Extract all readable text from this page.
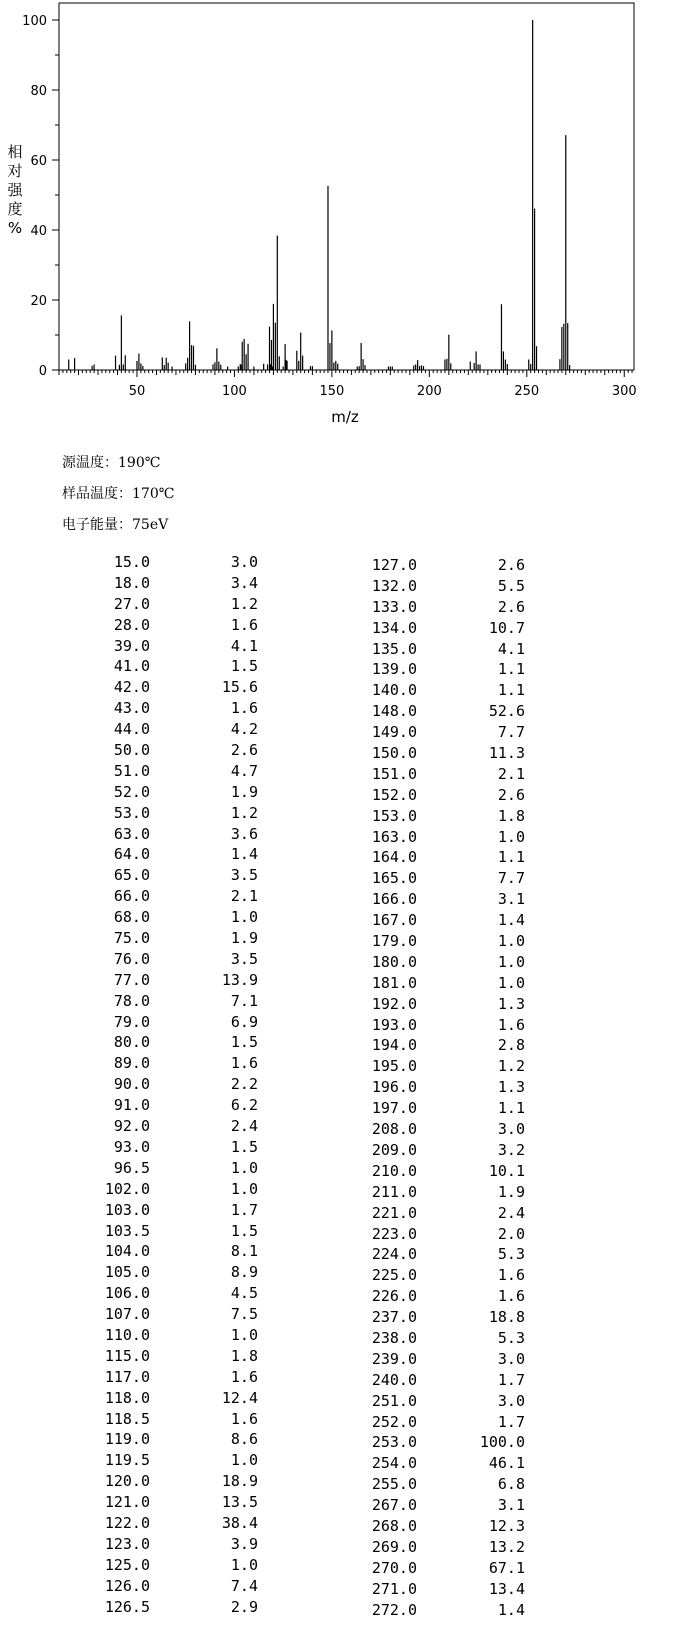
0
20
40
60
80
100
50	100	150	200	250	300
m/z
相
对
强
度
%
源温度：190℃
样品温度：170℃
电子能量：75eV
15.0	3.0
18.0	3.4
27.0	1.2
28.0	1.6
39.0	4.1
41.0	1.5
42.0	15.6
43.0	1.6
44.0	4.2
50.0	2.6
51.0	4.7
52.0	1.9
53.0	1.2
63.0	3.6
64.0	1.4
65.0	3.5
66.0	2.1
68.0	1.0
75.0	1.9
76.0	3.5
77.0	13.9
78.0	7.1
79.0	6.9
80.0	1.5
89.0	1.6
90.0	2.2
91.0	6.2
92.0	2.4
93.0	1.5
96.5	1.0
102.0	1.0
103.0	1.7
103.5	1.5
104.0	8.1
105.0	8.9
106.0	4.5
107.0	7.5
110.0	1.0
115.0	1.8
117.0	1.6
118.0	12.4
118.5	1.6
119.0	8.6
119.5	1.0
120.0	18.9
121.0	13.5
122.0	38.4
123.0	3.9
125.0	1.0
126.0	7.4
126.5	2.9
127.0	2.6
132.0	5.5
133.0	2.6
134.0	10.7
135.0	4.1
139.0	1.1
140.0	1.1
148.0	52.6
149.0	7.7
150.0	11.3
151.0	2.1
152.0	2.6
153.0	1.8
163.0	1.0
164.0	1.1
165.0	7.7
166.0	3.1
167.0	1.4
179.0	1.0
180.0	1.0
181.0	1.0
192.0	1.3
193.0	1.6
194.0	2.8
195.0	1.2
196.0	1.3
197.0	1.1
208.0	3.0
209.0	3.2
210.0	10.1
211.0	1.9
221.0	2.4
223.0	2.0
224.0	5.3
225.0	1.6
226.0	1.6
237.0	18.8
238.0	5.3
239.0	3.0
240.0	1.7
251.0	3.0
252.0	1.7
253.0	100.0
254.0	46.1
255.0	6.8
267.0	3.1
268.0	12.3
269.0	13.2
270.0	67.1
271.0	13.4
272.0	1.4
